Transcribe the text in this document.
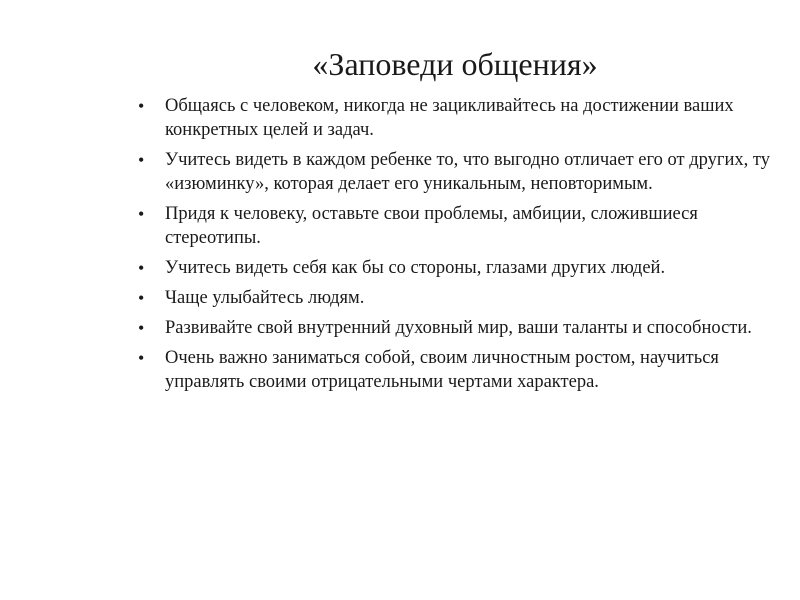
«Заповеди общения»
• Общаясь с человеком, никогда не зацикливайтесь на достижении ваших конкретных целей и задач.
• Учитесь видеть в каждом ребенке то, что выгодно отличает его от других, ту «изюминку», которая делает его уникальным, неповторимым.
• Придя к человеку, оставьте свои проблемы, амбиции, сложившиеся стереотипы.
• Учитесь видеть себя как бы со стороны, глазами других людей.
• Чаще улыбайтесь людям.
• Развивайте свой внутренний духовный мир, ваши таланты и способности.
• Очень важно заниматься собой, своим личностным ростом, научиться управлять своими отрицательными чертами характера.
